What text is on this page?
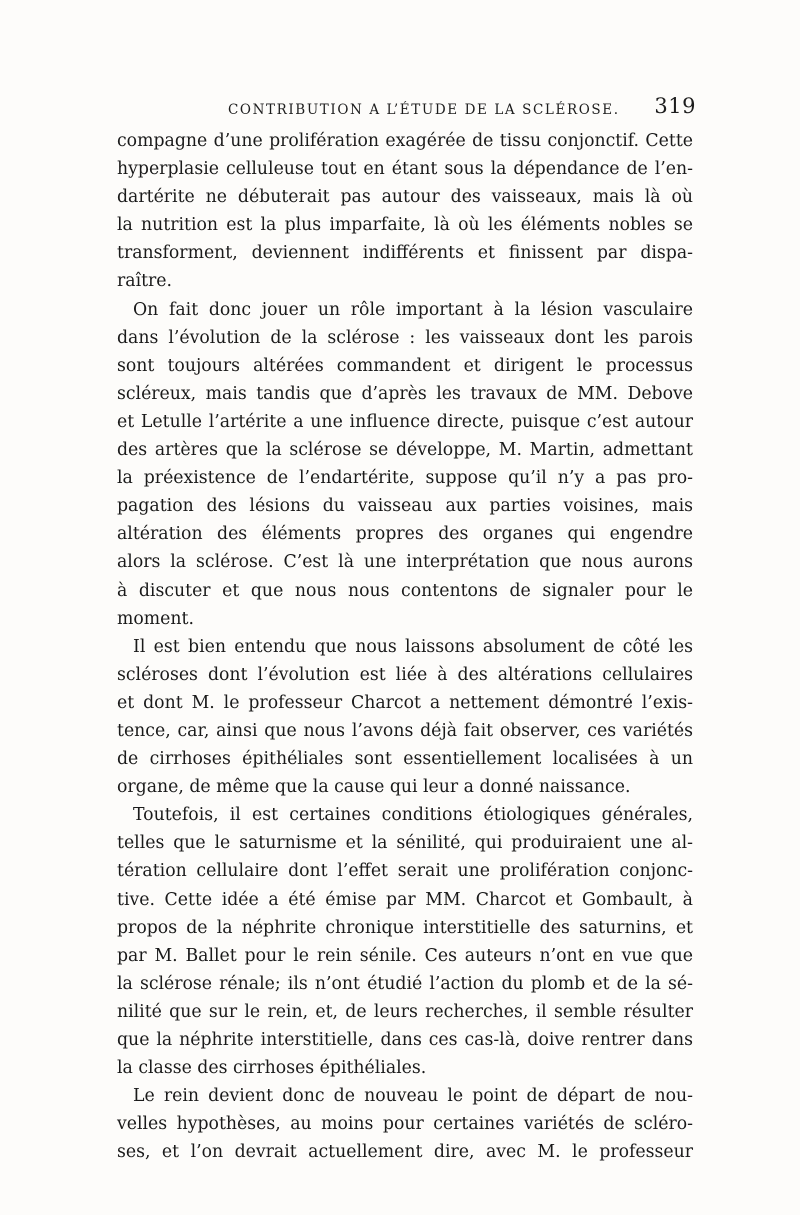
CONTRIBUTION A L’ÉTUDE DE LA SCLÉROSE. 319

compagne d’une prolifération exagérée de tissu conjonctif. Cette
hyperplasie celluleuse tout en étant sous la dépendance de l’en-
dartérite ne débuterait pas autour des vaisseaux, mais là où
la nutrition est la plus imparfaite, là où les éléments nobles se
transforment, deviennent indifférents et finissent par dispa-
raître.

On fait donc jouer un rôle important à la lésion vasculaire
dans l’évolution de la sclérose : les vaisseaux dont les parois
sont toujours altérées commandent et dirigent le processus
scléreux, mais tandis que d’après les travaux de MM. Debove
et Letulle l’artérite a une influence directe, puisque c’est autour
des artères que la sclérose se développe, M. Martin, admettant
la préexistence de l’endartérite, suppose qu’il n’y a pas pro-
pagation des lésions du vaisseau aux parties voisines, mais
altération des éléments propres des organes qui engendre
alors la sclérose. C’est là une interprétation que nous aurons
à discuter et que nous nous contentons de signaler pour le
moment.

Il est bien entendu que nous laissons absolument de côté les
scléroses dont l’évolution est liée à des altérations cellulaires
et dont M. le professeur Charcot a nettement démontré l’exis-
tence, car, ainsi que nous l’avons déjà fait observer, ces variétés
de cirrhoses épithéliales sont essentiellement localisées à un
organe, de même que la cause qui leur a donné naissance.

Toutefois, il est certaines conditions étiologiques générales,
telles que le saturnisme et la sénilité, qui produiraient une al-
tération cellulaire dont l’effet serait une prolifération conjonc-
tive. Cette idée a été émise par MM. Charcot et Gombault, à
propos de la néphrite chronique interstitielle des saturnins, et
par M. Ballet pour le rein sénile. Ces auteurs n’ont en vue que
la sclérose rénale; ils n’ont étudié l’action du plomb et de la sé-
nilité que sur le rein, et, de leurs recherches, il semble résulter
que la néphrite interstitielle, dans ces cas-là, doive rentrer dans
la classe des cirrhoses épithéliales.

Le rein devient donc de nouveau le point de départ de nou-
velles hypothèses, au moins pour certaines variétés de scléro-
ses, et l’on devrait actuellement dire, avec M. le professeur
